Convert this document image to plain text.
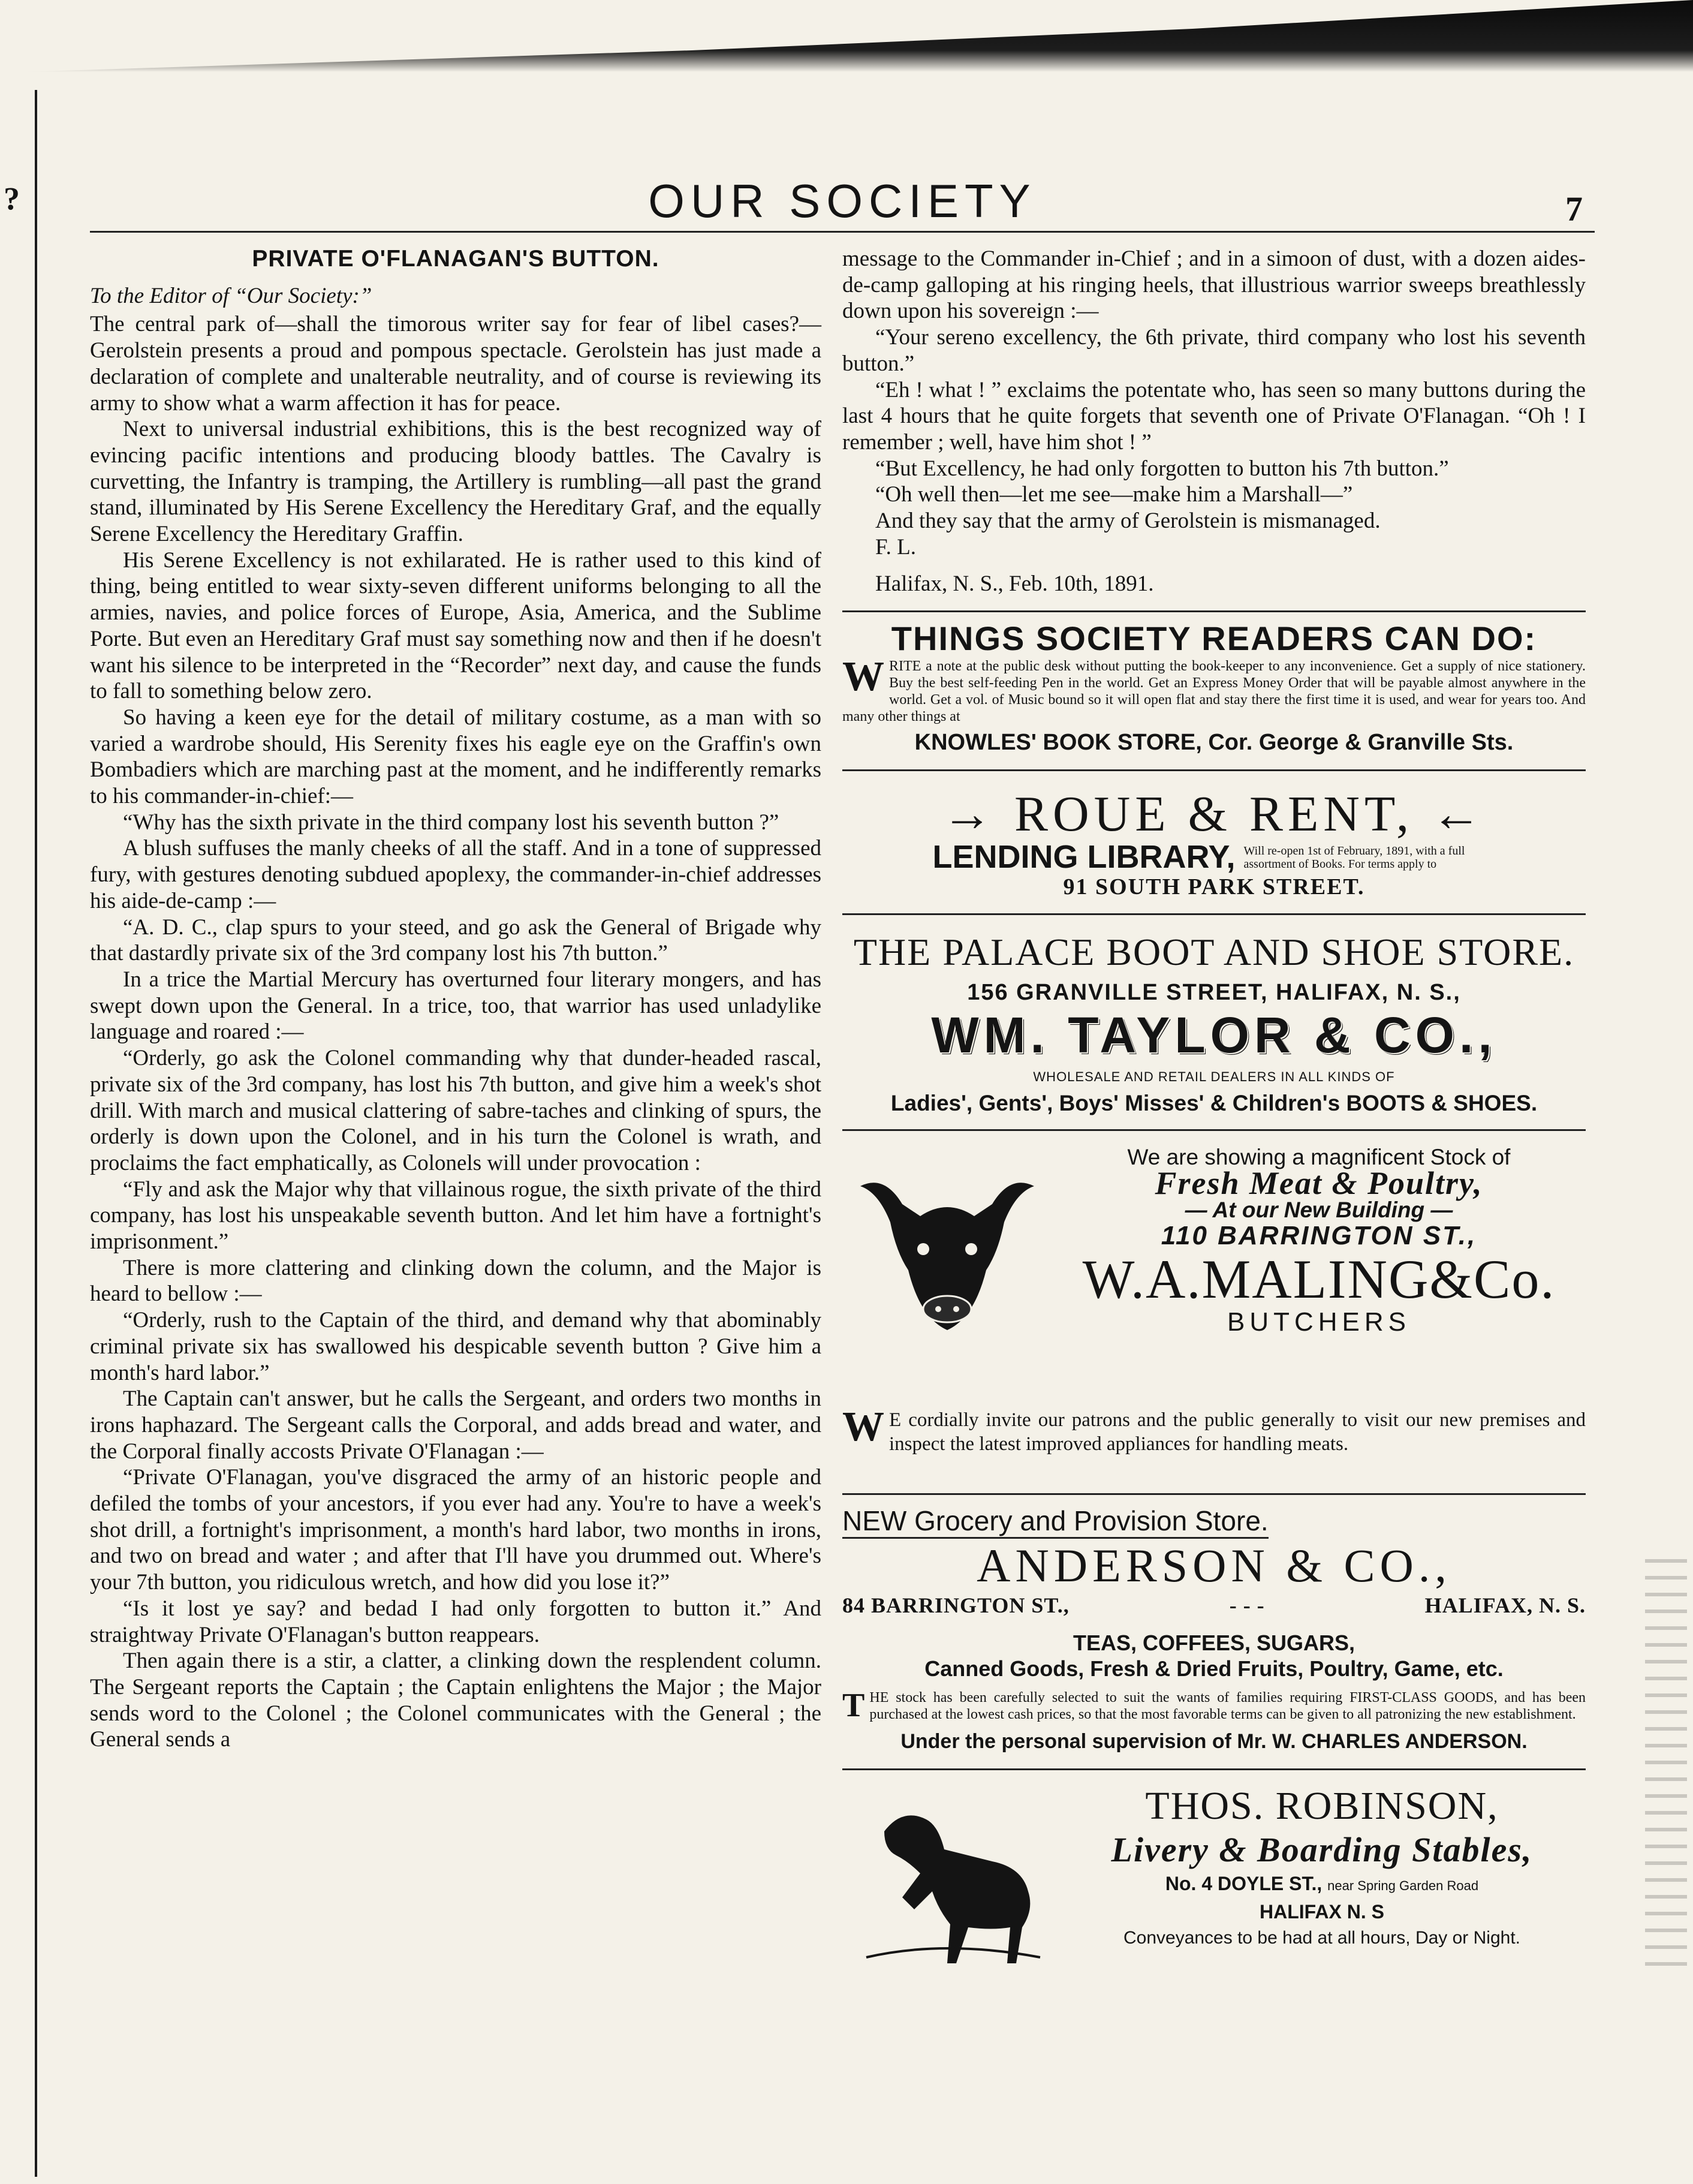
?	OUR SOCIETY	7
PRIVATE O'FLANAGAN'S BUTTON.
To the Editor of “Our Society:”

The central park of—shall the timorous writer say for fear of libel cases?—Gerolstein presents a proud and pompous spectacle. Gerolstein has just made a declaration of complete and unalterable neutrality, and of course is reviewing its army to show what a warm affection it has for peace.

Next to universal industrial exhibitions, this is the best recognized way of evincing pacific intentions and producing bloody battles. The Cavalry is curvetting, the Infantry is tramping, the Artillery is rumbling—all past the grand stand, illuminated by His Serene Excellency the Hereditary Graf, and the equally Serene Excellency the Hereditary Graffin.

His Serene Excellency is not exhilarated. He is rather used to this kind of thing, being entitled to wear sixty-seven different uniforms belonging to all the armies, navies, and police forces of Europe, Asia, America, and the Sublime Porte. But even an Hereditary Graf must say something now and then if he doesn't want his silence to be interpreted in the “Recorder” next day, and cause the funds to fall to something below zero.

So having a keen eye for the detail of military costume, as a man with so varied a wardrobe should, His Serenity fixes his eagle eye on the Graffin's own Bombadiers which are marching past at the moment, and he indifferently remarks to his commander-in-chief:—

“Why has the sixth private in the third company lost his seventh button ?”

A blush suffuses the manly cheeks of all the staff. And in a tone of suppressed fury, with gestures denoting subdued apoplexy, the commander-in-chief addresses his aide-de-camp :—

“A. D. C., clap spurs to your steed, and go ask the General of Brigade why that dastardly private six of the 3rd company lost his 7th button.”

In a trice the Martial Mercury has overturned four literary mongers, and has swept down upon the General. In a trice, too, that warrior has used unladylike language and roared :—

“Orderly, go ask the Colonel commanding why that dunder-headed rascal, private six of the 3rd company, has lost his 7th button, and give him a week's shot drill. With march and musical clattering of sabre-taches and clinking of spurs, the orderly is down upon the Colonel, and in his turn the Colonel is wrath, and proclaims the fact emphatically, as Colonels will under provocation :

“Fly and ask the Major why that villainous rogue, the sixth private of the third company, has lost his unspeakable seventh button. And let him have a fortnight's imprisonment.”

There is more clattering and clinking down the column, and the Major is heard to bellow :—

“Orderly, rush to the Captain of the third, and demand why that abominably criminal private six has swallowed his despicable seventh button ? Give him a month's hard labor.”

The Captain can't answer, but he calls the Sergeant, and orders two months in irons haphazard. The Sergeant calls the Corporal, and adds bread and water, and the Corporal finally accosts Private O'Flanagan :—

“Private O'Flanagan, you've disgraced the army of an historic people and defiled the tombs of your ancestors, if you ever had any. You're to have a week's shot drill, a fortnight's imprisonment, a month's hard labor, two months in irons, and two on bread and water ; and after that I'll have you drummed out. Where's your 7th button, you ridiculous wretch, and how did you lose it?”

“Is it lost ye say? and bedad I had only forgotten to button it.” And straightway Private O'Flanagan's button reappears.

Then again there is a stir, a clatter, a clinking down the resplendent column. The Sergeant reports the Captain ; the Captain enlightens the Major ; the Major sends word to the Colonel ; the Colonel communicates with the General ; the General sends a

message to the Commander in-Chief ; and in a simoon of dust, with a dozen aides-de-camp galloping at his ringing heels, that illustrious warrior sweeps breathlessly down upon his sovereign :—

“Your sereno excellency, the 6th private, third company who lost his seventh button.”

“Eh ! what ! ” exclaims the potentate who, has seen so many buttons during the last 4 hours that he quite forgets that seventh one of Private O'Flanagan. “Oh ! I remember ; well, have him shot ! ”

“But Excellency, he had only forgotten to button his 7th button.”

“Oh well then—let me see—make him a Marshall—”

And they say that the army of Gerolstein is mismanaged.

F. L.

Halifax, N. S., Feb. 10th, 1891.

THINGS SOCIETY READERS CAN DO:
W RITE a note at the public desk without putting the book-keeper to any inconvenience. Get a supply of nice stationery. Buy the best self-feeding Pen in the world. Get an Express Money Order that will be payable almost anywhere in the world. Get a vol. of Music bound so it will open flat and stay there the first time it is used, and wear for years too. And many other things at
KNOWLES' BOOK STORE, Cor. George & Granville Sts.
→ ROUE & RENT, ←
LENDING LIBRARY, Will re-open 1st of February, 1891, with a full assortment of Books. For terms apply to
91 SOUTH PARK STREET.
THE PALACE BOOT AND SHOE STORE.
156 GRANVILLE STREET, HALIFAX, N. S.,
WM. TAYLOR & CO.,
WHOLESALE AND RETAIL DEALERS IN ALL KINDS OF
Ladies', Gents', Boys' Misses' & Children's BOOTS & SHOES.
We are showing a magnificent Stock of
Fresh Meat & Poultry,
— At our New Building —
110 BARRINGTON ST.,
W.A.MALING&Co.
BUTCHERS
W E cordially invite our patrons and the public generally to visit our new premises and inspect the latest improved appliances for handling meats.
NEW Grocery and Provision Store.
ANDERSON & CO.,
84 BARRINGTON ST.,	- - -	HALIFAX, N. S.
TEAS, COFFEES, SUGARS,
Canned Goods, Fresh & Dried Fruits, Poultry, Game, etc.
T HE stock has been carefully selected to suit the wants of families requiring FIRST-CLASS GOODS, and has been purchased at the lowest cash prices, so that the most favorable terms can be given to all patronizing the new establishment.
Under the personal supervision of Mr. W. CHARLES ANDERSON.
THOS. ROBINSON,
Livery & Boarding Stables,
No. 4 DOYLE ST., near Spring Garden Road
HALIFAX N. S
Conveyances to be had at all hours, Day or Night.
